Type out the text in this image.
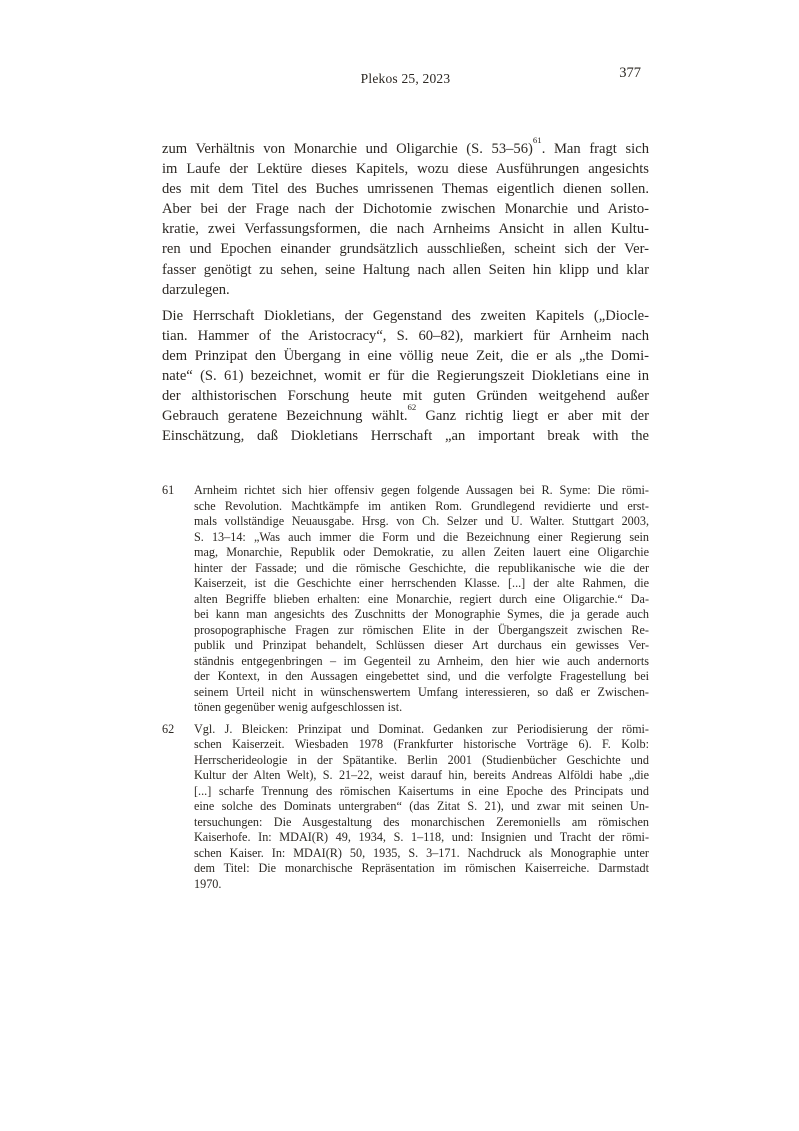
Plekos 25, 2023	377
zum Verhältnis von Monarchie und Oligarchie (S. 53–56)$^{61}$. Man fragt sich
im Laufe der Lektüre dieses Kapitels, wozu diese Ausführungen angesichts
des mit dem Titel des Buches umrissenen Themas eigentlich dienen sollen.
Aber bei der Frage nach der Dichotomie zwischen Monarchie und Aristo-
kratie, zwei Verfassungsformen, die nach Arnheims Ansicht in allen Kultu-
ren und Epochen einander grundsätzlich ausschließen, scheint sich der Ver-
fasser genötigt zu sehen, seine Haltung nach allen Seiten hin klipp und klar
darzulegen.
Die Herrschaft Diokletians, der Gegenstand des zweiten Kapitels („Diocle-
tian. Hammer of the Aristocracy“, S. 60–82), markiert für Arnheim nach
dem Prinzipat den Übergang in eine völlig neue Zeit, die er als „the Domi-
nate“ (S. 61) bezeichnet, womit er für die Regierungszeit Diokletians eine in
der althistorischen Forschung heute mit guten Gründen weitgehend außer
Gebrauch geratene Bezeichnung wählt.$^{62}$ Ganz richtig liegt er aber mit der
Einschätzung, daß Diokletians Herrschaft „an important break with the
61	Arnheim richtet sich hier offensiv gegen folgende Aussagen bei R. Syme: Die römi-
sche Revolution. Machtkämpfe im antiken Rom. Grundlegend revidierte und erst-
mals vollständige Neuausgabe. Hrsg. von Ch. Selzer und U. Walter. Stuttgart 2003,
S. 13–14: „Was auch immer die Form und die Bezeichnung einer Regierung sein
mag, Monarchie, Republik oder Demokratie, zu allen Zeiten lauert eine Oligarchie
hinter der Fassade; und die römische Geschichte, die republikanische wie die der
Kaiserzeit, ist die Geschichte einer herrschenden Klasse. [...] der alte Rahmen, die
alten Begriffe blieben erhalten: eine Monarchie, regiert durch eine Oligarchie.“ Da-
bei kann man angesichts des Zuschnitts der Monographie Symes, die ja gerade auch
prosopographische Fragen zur römischen Elite in der Übergangszeit zwischen Re-
publik und Prinzipat behandelt, Schlüssen dieser Art durchaus ein gewisses Ver-
ständnis entgegenbringen – im Gegenteil zu Arnheim, den hier wie auch andernorts
der Kontext, in den Aussagen eingebettet sind, und die verfolgte Fragestellung bei
seinem Urteil nicht in wünschenswertem Umfang interessieren, so daß er Zwischen-
tönen gegenüber wenig aufgeschlossen ist.
62	Vgl. J. Bleicken: Prinzipat und Dominat. Gedanken zur Periodisierung der römi-
schen Kaiserzeit. Wiesbaden 1978 (Frankfurter historische Vorträge 6). F. Kolb:
Herrscherideologie in der Spätantike. Berlin 2001 (Studienbücher Geschichte und
Kultur der Alten Welt), S. 21–22, weist darauf hin, bereits Andreas Alföldi habe „die
[...] scharfe Trennung des römischen Kaisertums in eine Epoche des Principats und
eine solche des Dominats untergraben“ (das Zitat S. 21), und zwar mit seinen Un-
tersuchungen: Die Ausgestaltung des monarchischen Zeremoniells am römischen
Kaiserhofe. In: MDAI(R) 49, 1934, S. 1–118, und: Insignien und Tracht der römi-
schen Kaiser. In: MDAI(R) 50, 1935, S. 3–171. Nachdruck als Monographie unter
dem Titel: Die monarchische Repräsentation im römischen Kaiserreiche. Darmstadt
1970.
